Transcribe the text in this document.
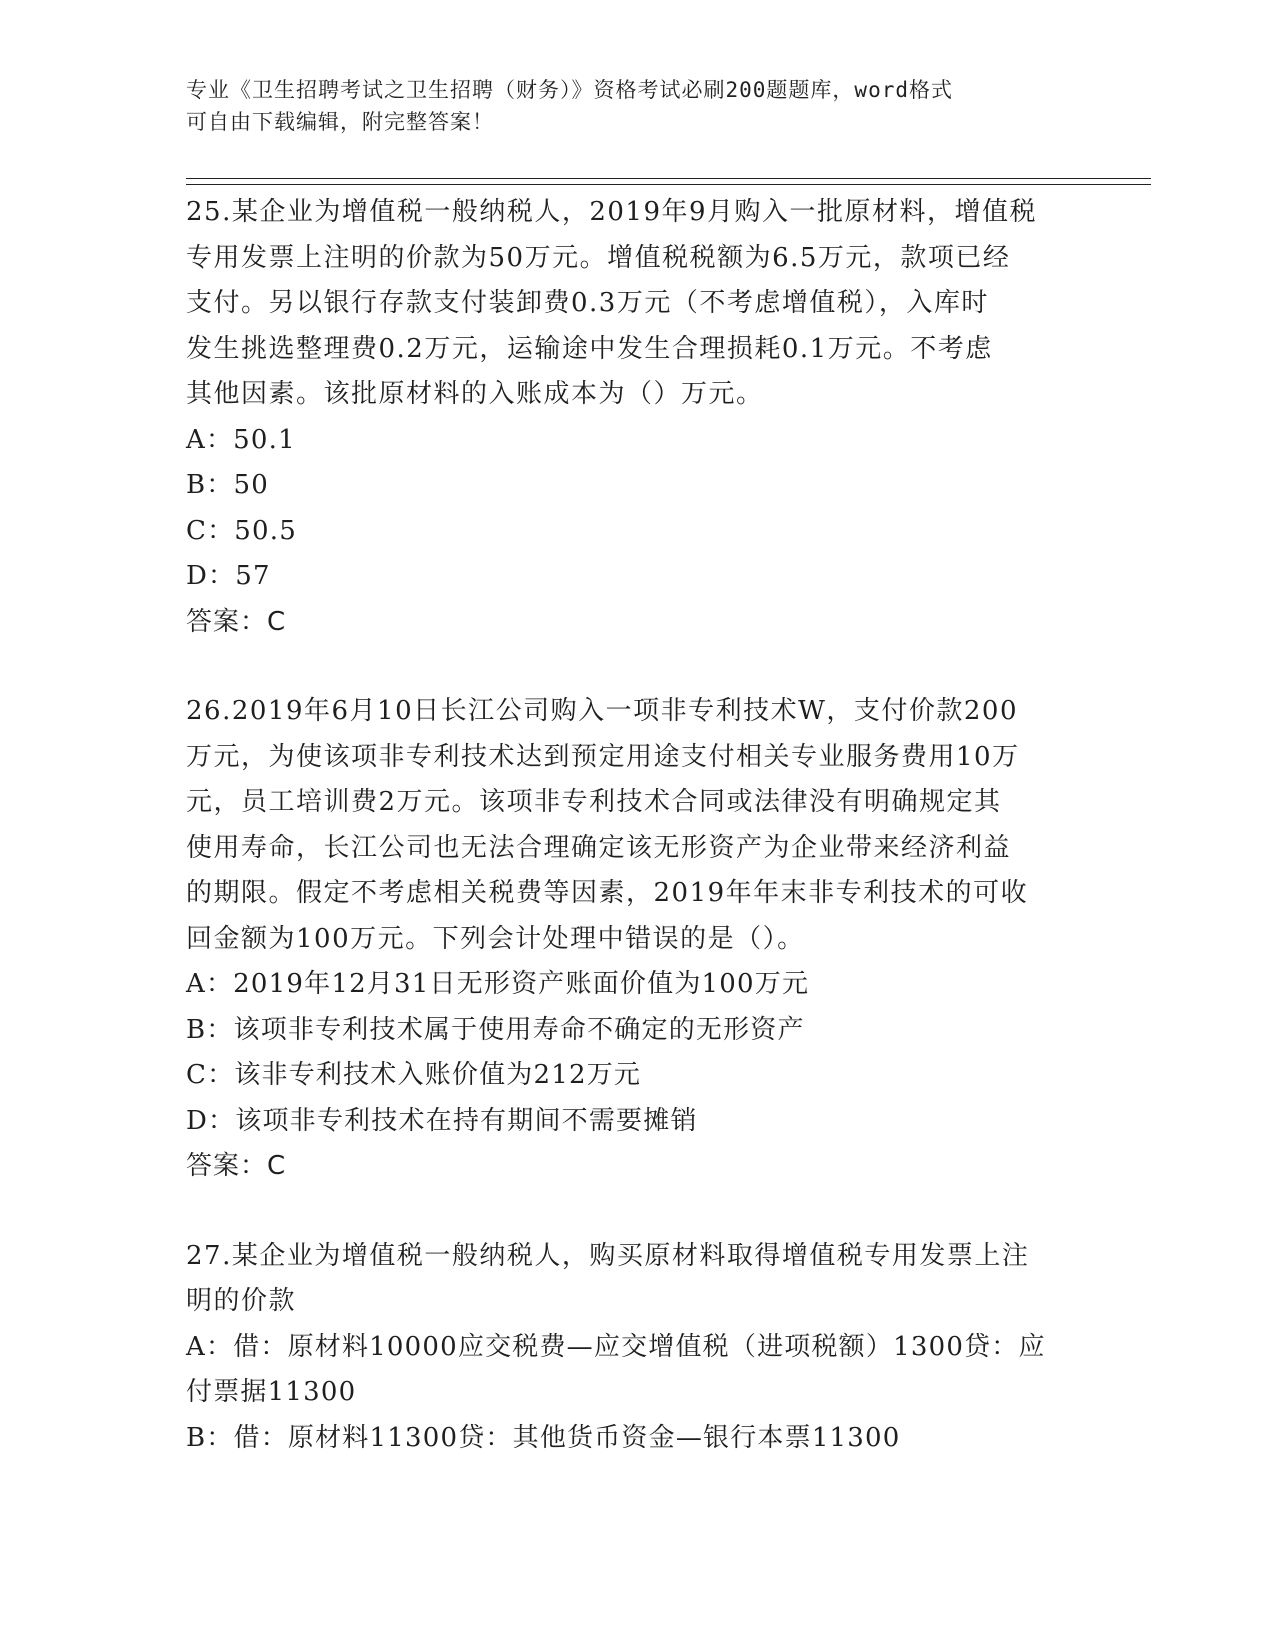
专业《卫生招聘考试之卫生招聘（财务）》资格考试必刷200题题库，word格式
可自由下载编辑，附完整答案！

25.某企业为增值税一般纳税人，2019年9月购入一批原材料，增值税

专用发票上注明的价款为50万元。增值税税额为6.5万元，款项已经

支付。另以银行存款支付装卸费0.3万元（不考虑增值税），入库时

发生挑选整理费0.2万元，运输途中发生合理损耗0.1万元。不考虑

其他因素。该批原材料的入账成本为（）万元。

A：50.1

B：50

C：50.5

D：57

答案：C

26.2019年6月10日长江公司购入一项非专利技术W，支付价款200

万元，为使该项非专利技术达到预定用途支付相关专业服务费用10万

元，员工培训费2万元。该项非专利技术合同或法律没有明确规定其

使用寿命，长江公司也无法合理确定该无形资产为企业带来经济利益

的期限。假定不考虑相关税费等因素，2019年年末非专利技术的可收

回金额为100万元。下列会计处理中错误的是（）。

A：2019年12月31日无形资产账面价值为100万元

B：该项非专利技术属于使用寿命不确定的无形资产

C：该非专利技术入账价值为212万元

D：该项非专利技术在持有期间不需要摊销

答案：C

27.某企业为增值税一般纳税人，购买原材料取得增值税专用发票上注

明的价款

A：借：原材料10000应交税费—应交增值税（进项税额）1300贷：应

付票据11300

B：借：原材料11300贷：其他货币资金—银行本票11300
